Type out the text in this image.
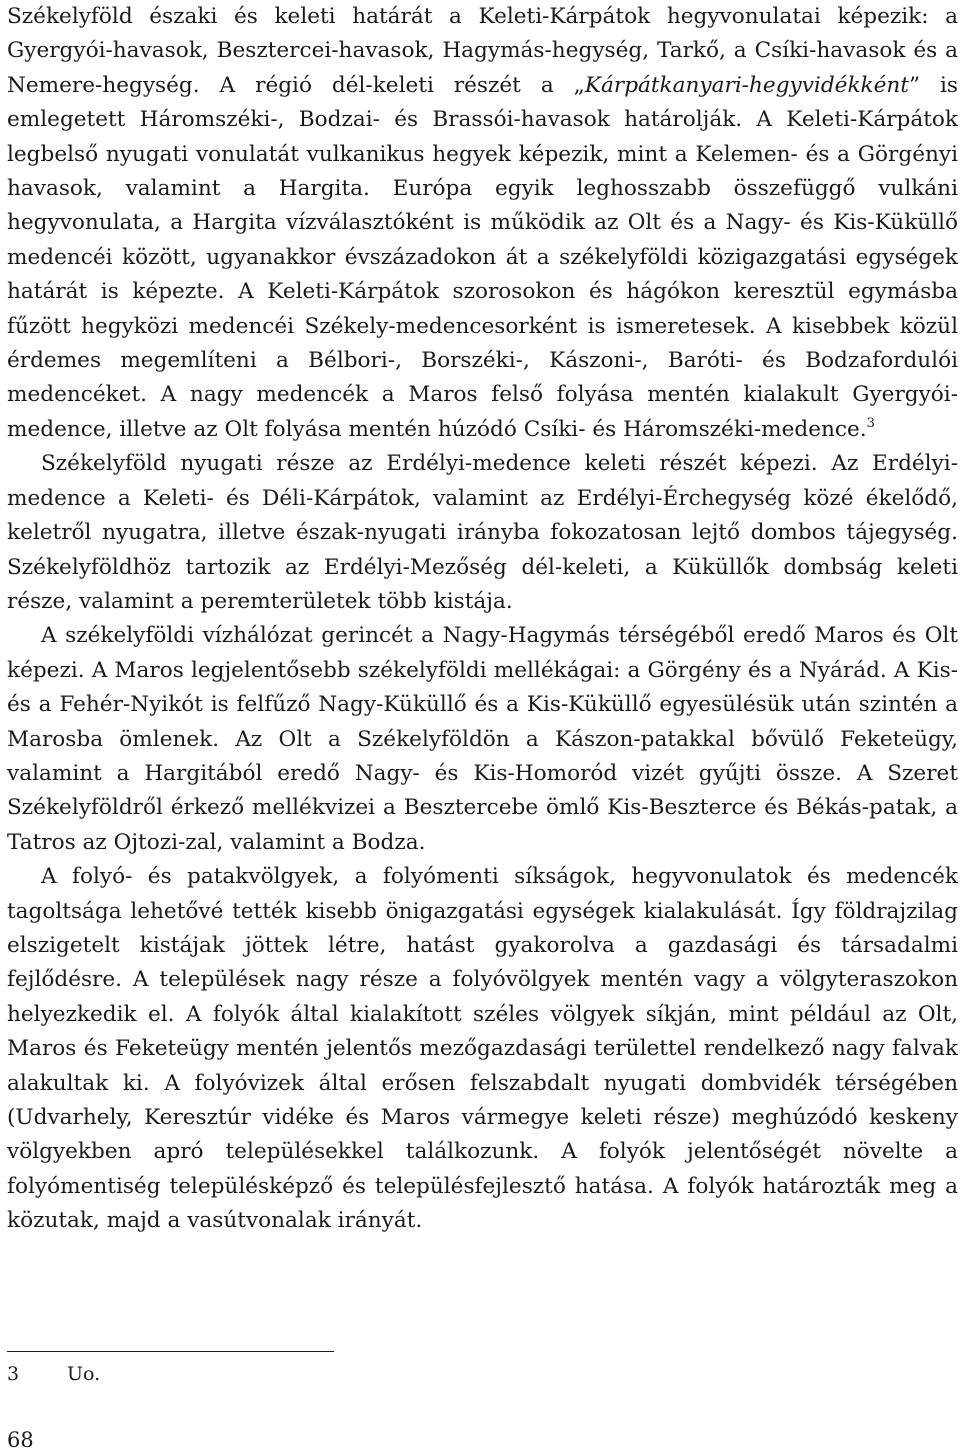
Székelyföld északi és keleti határát a Keleti-Kárpátok hegyvonulatai képezik: a Gyergyói-havasok, Besztercei-havasok, Hagymás-hegység, Tarkő, a Csíki-havasok és a Nemere-hegység. A régió dél-keleti részét a „Kárpátkanyari-hegyvidékként” is emlegetett Háromszéki-, Bodzai- és Brassói-havasok határolják. A Keleti-Kárpátok legbelső nyugati vonulatát vulkanikus hegyek képezik, mint a Kelemen- és a Görgényi havasok, valamint a Hargita. Európa egyik leghosszabb összefüggő vulkáni hegyvonulata, a Hargita vízválasztóként is működik az Olt és a Nagy- és Kis-Küküllő medencéi között, ugyanakkor évszázadokon át a székelyföldi közigazgatási egységek határát is képezte. A Keleti-Kárpátok szorosokon és hágókon keresztül egymásba fűzött hegyközi medencéi Székely-medencesorként is ismeretesek. A kisebbek közül érdemes megemlíteni a Bélbori-, Borszéki-, Kászoni-, Baróti- és Bodzafordulói medencéket. A nagy medencék a Maros felső folyása mentén kialakult Gyergyói-medence, illetve az Olt folyása mentén húzódó Csíki- és Háromszéki-medence.$^3$

Székelyföld nyugati része az Erdélyi-medence keleti részét képezi. Az Erdélyi-medence a Keleti- és Déli-Kárpátok, valamint az Erdélyi-Érchegység közé ékelődő, keletről nyugatra, illetve észak-nyugati irányba fokozatosan lejtő dombos tájegység. Székelyföldhöz tartozik az Erdélyi-Mezőség dél-keleti, a Küküllők dombság keleti része, valamint a peremterületek több kistája.

A székelyföldi vízhálózat gerincét a Nagy-Hagymás térségéből eredő Maros és Olt képezi. A Maros legjelentősebb székelyföldi mellékágai: a Görgény és a Nyárád. A Kis- és a Fehér-Nyikót is felfűző Nagy-Küküllő és a Kis-Küküllő egyesülésük után szintén a Marosba ömlenek. Az Olt a Székelyföldön a Kászon-patakkal bővülő Feketeügy, valamint a Hargitából eredő Nagy- és Kis-Homoród vizét gyűjti össze. A Szeret Székelyföldről érkező mellékvizei a Besztercebe ömlő Kis-Beszterce és Békás-patak, a Tatros az Ojtozi-zal, valamint a Bodza.

A folyó- és patakvölgyek, a folyómenti síkságok, hegyvonulatok és medencék tagoltsága lehetővé tették kisebb önigazgatási egységek kialakulását. Így földrajzilag elszigetelt kistájak jöttek létre, hatást gyakorolva a gazdasági és társadalmi fejlődésre. A települések nagy része a folyóvölgyek mentén vagy a völgyteraszokon helyezkedik el. A folyók által kialakított széles völgyek síkján, mint például az Olt, Maros és Feketeügy mentén jelentős mezőgazdasági területtel rendelkező nagy falvak alakultak ki. A folyóvizek által erősen felszabdalt nyugati dombvidék térségében (Udvarhely, Keresztúr vidéke és Maros vármegye keleti része) meghúzódó keskeny völgyekben apró településekkel találkozunk. A folyók jelentőségét növelte a folyómentiség településképző és településfejlesztő hatása. A folyók határozták meg a közutak, majd a vasútvonalak irányát.

3	Uo.
68
